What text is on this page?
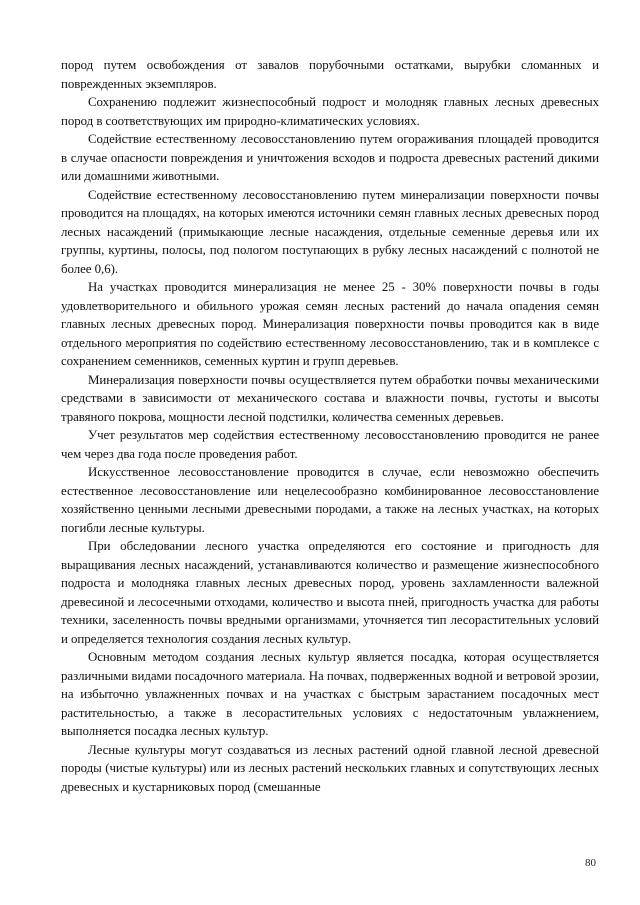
пород путем освобождения от завалов порубочными остатками, вырубки сломанных и поврежденных экземпляров.

Сохранению подлежит жизнеспособный подрост и молодняк главных лесных древесных пород в соответствующих им природно-климатических условиях.

Содействие естественному лесовосстановлению путем огораживания площадей проводится в случае опасности повреждения и уничтожения всходов и подроста древесных растений дикими или домашними животными.

Содействие естественному лесовосстановлению путем минерализации поверхности почвы проводится на площадях, на которых имеются источники семян главных лесных древесных пород лесных насаждений (примыкающие лесные насаждения, отдельные семенные деревья или их группы, куртины, полосы, под пологом поступающих в рубку лесных насаждений с полнотой не более 0,6).

На участках проводится минерализация не менее 25 - 30% поверхности почвы в годы удовлетворительного и обильного урожая семян лесных растений до начала опадения семян главных лесных древесных пород. Минерализация поверхности почвы проводится как в виде отдельного мероприятия по содействию естественному лесовосстановлению, так и в комплексе с сохранением семенников, семенных куртин и групп деревьев.

Минерализация поверхности почвы осуществляется путем обработки почвы механическими средствами в зависимости от механического состава и влажности почвы, густоты и высоты травяного покрова, мощности лесной подстилки, количества семенных деревьев.

Учет результатов мер содействия естественному лесовосстановлению проводится не ранее чем через два года после проведения работ.

Искусственное лесовосстановление проводится в случае, если невозможно обеспечить естественное лесовосстановление или нецелесообразно комбинированное лесовосстановление хозяйственно ценными лесными древесными породами, а также на лесных участках, на которых погибли лесные культуры.

При обследовании лесного участка определяются его состояние и пригодность для выращивания лесных насаждений, устанавливаются количество и размещение жизнеспособного подроста и молодняка главных лесных древесных пород, уровень захламленности валежной древесиной и лесосечными отходами, количество и высота пней, пригодность участка для работы техники, заселенность почвы вредными организмами, уточняется тип лесорастительных условий и определяется технология создания лесных культур.

Основным методом создания лесных культур является посадка, которая осуществляется различными видами посадочного материала. На почвах, подверженных водной и ветровой эрозии, на избыточно увлажненных почвах и на участках с быстрым зарастанием посадочных мест растительностью, а также в лесорастительных условиях с недостаточным увлажнением, выполняется посадка лесных культур.

Лесные культуры могут создаваться из лесных растений одной главной лесной древесной породы (чистые культуры) или из лесных растений нескольких главных и сопутствующих лесных древесных и кустарниковых пород (смешанные

80
